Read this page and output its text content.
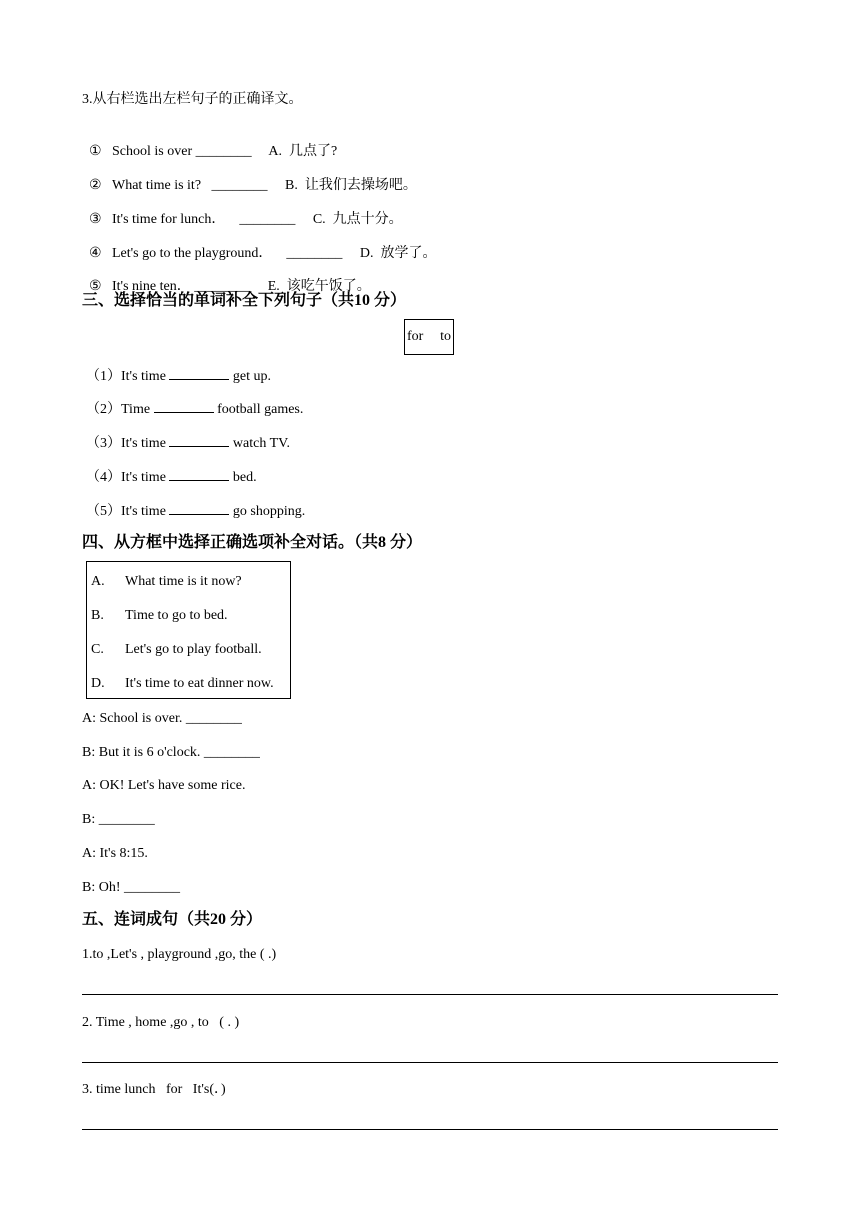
3.从右栏选出左栏句子的正确译文。

① School is over ________ A.  几点了?

② What time is it? ________ B.  让我们去操场吧。

③ It's time for lunch． ________ C.  九点十分。

④ Let's go to the playground． ________ D.  放学了。

⑤ It's nine ten． ________ E.  该吃午饭了。

三、选择恰当的单词补全下列句子（共10 分）
for to
（1）It's time	get up.
（2）Time	football games.
（3）It's time	watch TV.
（4）It's time	bed.
（5）It's time	go shopping.
四、从方框中选择正确选项补全对话。（共8 分）
A. What time is it now?
B. Time to go to bed.
C. Let's go to play football.
D. It's time to eat dinner now.
A: School is over. ________
B: But it is 6 o'clock. ________
A: OK! Let's have some rice.
B: ________
A: It's 8:15.
B: Oh! ________
五、连词成句（共20 分）
1.to ,Let's , playground ,go, the ( .)
2. Time , home ,go , to   ( . )
3. time lunch   for   It's(．)
